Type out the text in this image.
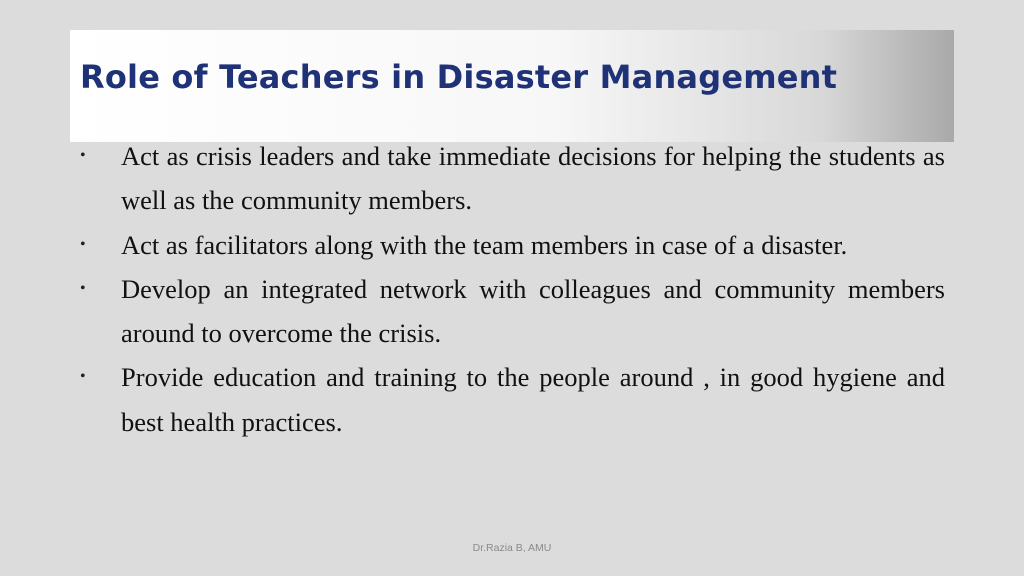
Role of Teachers in Disaster Management
• Act as crisis leaders and take immediate decisions for helping the students as well as the community members.
• Act as facilitators along with the team members in case of a disaster.
• Develop an integrated network with colleagues and community members around to overcome the crisis.
• Provide education and training to the people around , in good hygiene and best health practices.
Dr.Razia B, AMU
